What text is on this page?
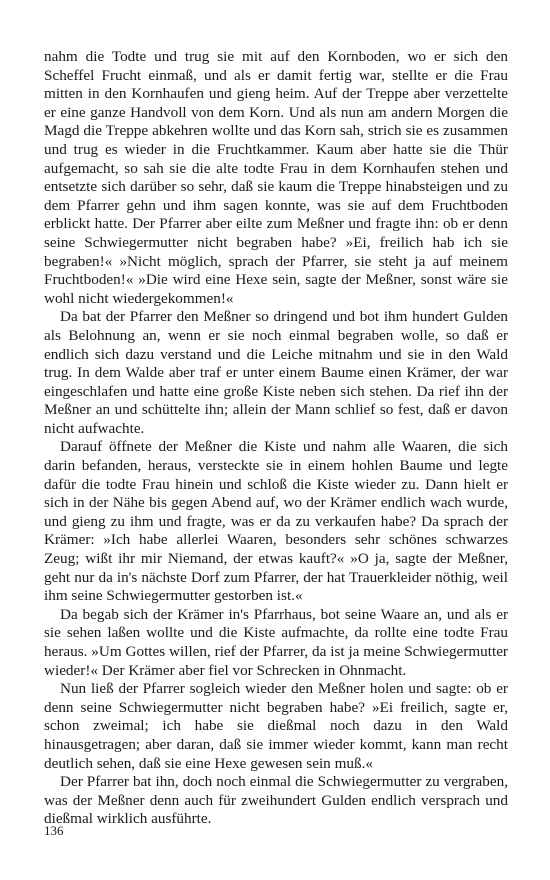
nahm die Todte und trug sie mit auf den Kornboden, wo er sich den Scheffel Frucht einmaß, und als er damit fertig war, stellte er die Frau mitten in den Kornhaufen und gieng heim. Auf der Treppe aber verzettelte er eine ganze Handvoll von dem Korn. Und als nun am andern Morgen die Magd die Treppe abkehren wollte und das Korn sah, strich sie es zusammen und trug es wieder in die Fruchtkammer. Kaum aber hatte sie die Thür aufgemacht, so sah sie die alte todte Frau in dem Kornhaufen stehen und entsetzte sich darüber so sehr, daß sie kaum die Treppe hinabsteigen und zu dem Pfarrer gehn und ihm sagen konnte, was sie auf dem Fruchtboden erblickt hatte. Der Pfarrer aber eilte zum Meßner und fragte ihn: ob er denn seine Schwiegermutter nicht begraben habe? »Ei, freilich hab ich sie begraben!« »Nicht möglich, sprach der Pfarrer, sie steht ja auf meinem Fruchtboden!« »Die wird eine Hexe sein, sagte der Meßner, sonst wäre sie wohl nicht wiedergekommen!«

Da bat der Pfarrer den Meßner so dringend und bot ihm hundert Gulden als Belohnung an, wenn er sie noch einmal begraben wolle, so daß er endlich sich dazu verstand und die Leiche mitnahm und sie in den Wald trug. In dem Walde aber traf er unter einem Baume einen Krämer, der war eingeschlafen und hatte eine große Kiste neben sich stehen. Da rief ihn der Meßner an und schüttelte ihn; allein der Mann schlief so fest, daß er davon nicht aufwachte.

Darauf öffnete der Meßner die Kiste und nahm alle Waaren, die sich darin befanden, heraus, versteckte sie in einem hohlen Baume und legte dafür die todte Frau hinein und schloß die Kiste wieder zu. Dann hielt er sich in der Nähe bis gegen Abend auf, wo der Krämer endlich wach wurde, und gieng zu ihm und fragte, was er da zu verkaufen habe? Da sprach der Krämer: »Ich habe allerlei Waaren, besonders sehr schönes schwarzes Zeug; wißt ihr mir Niemand, der etwas kauft?« »O ja, sagte der Meßner, geht nur da in's nächste Dorf zum Pfarrer, der hat Trauerkleider nöthig, weil ihm seine Schwiegermutter gestorben ist.«

Da begab sich der Krämer in's Pfarrhaus, bot seine Waare an, und als er sie sehen laßen wollte und die Kiste aufmachte, da rollte eine todte Frau heraus. »Um Gottes willen, rief der Pfarrer, da ist ja meine Schwiegermutter wieder!« Der Krämer aber fiel vor Schrecken in Ohnmacht.

Nun ließ der Pfarrer sogleich wieder den Meßner holen und sagte: ob er denn seine Schwiegermutter nicht begraben habe? »Ei freilich, sagte er, schon zweimal; ich habe sie dießmal noch dazu in den Wald hinausgetragen; aber daran, daß sie immer wieder kommt, kann man recht deutlich sehen, daß sie eine Hexe gewesen sein muß.«

Der Pfarrer bat ihn, doch noch einmal die Schwiegermutter zu vergraben, was der Meßner denn auch für zweihundert Gulden endlich versprach und dießmal wirklich ausführte.

136
